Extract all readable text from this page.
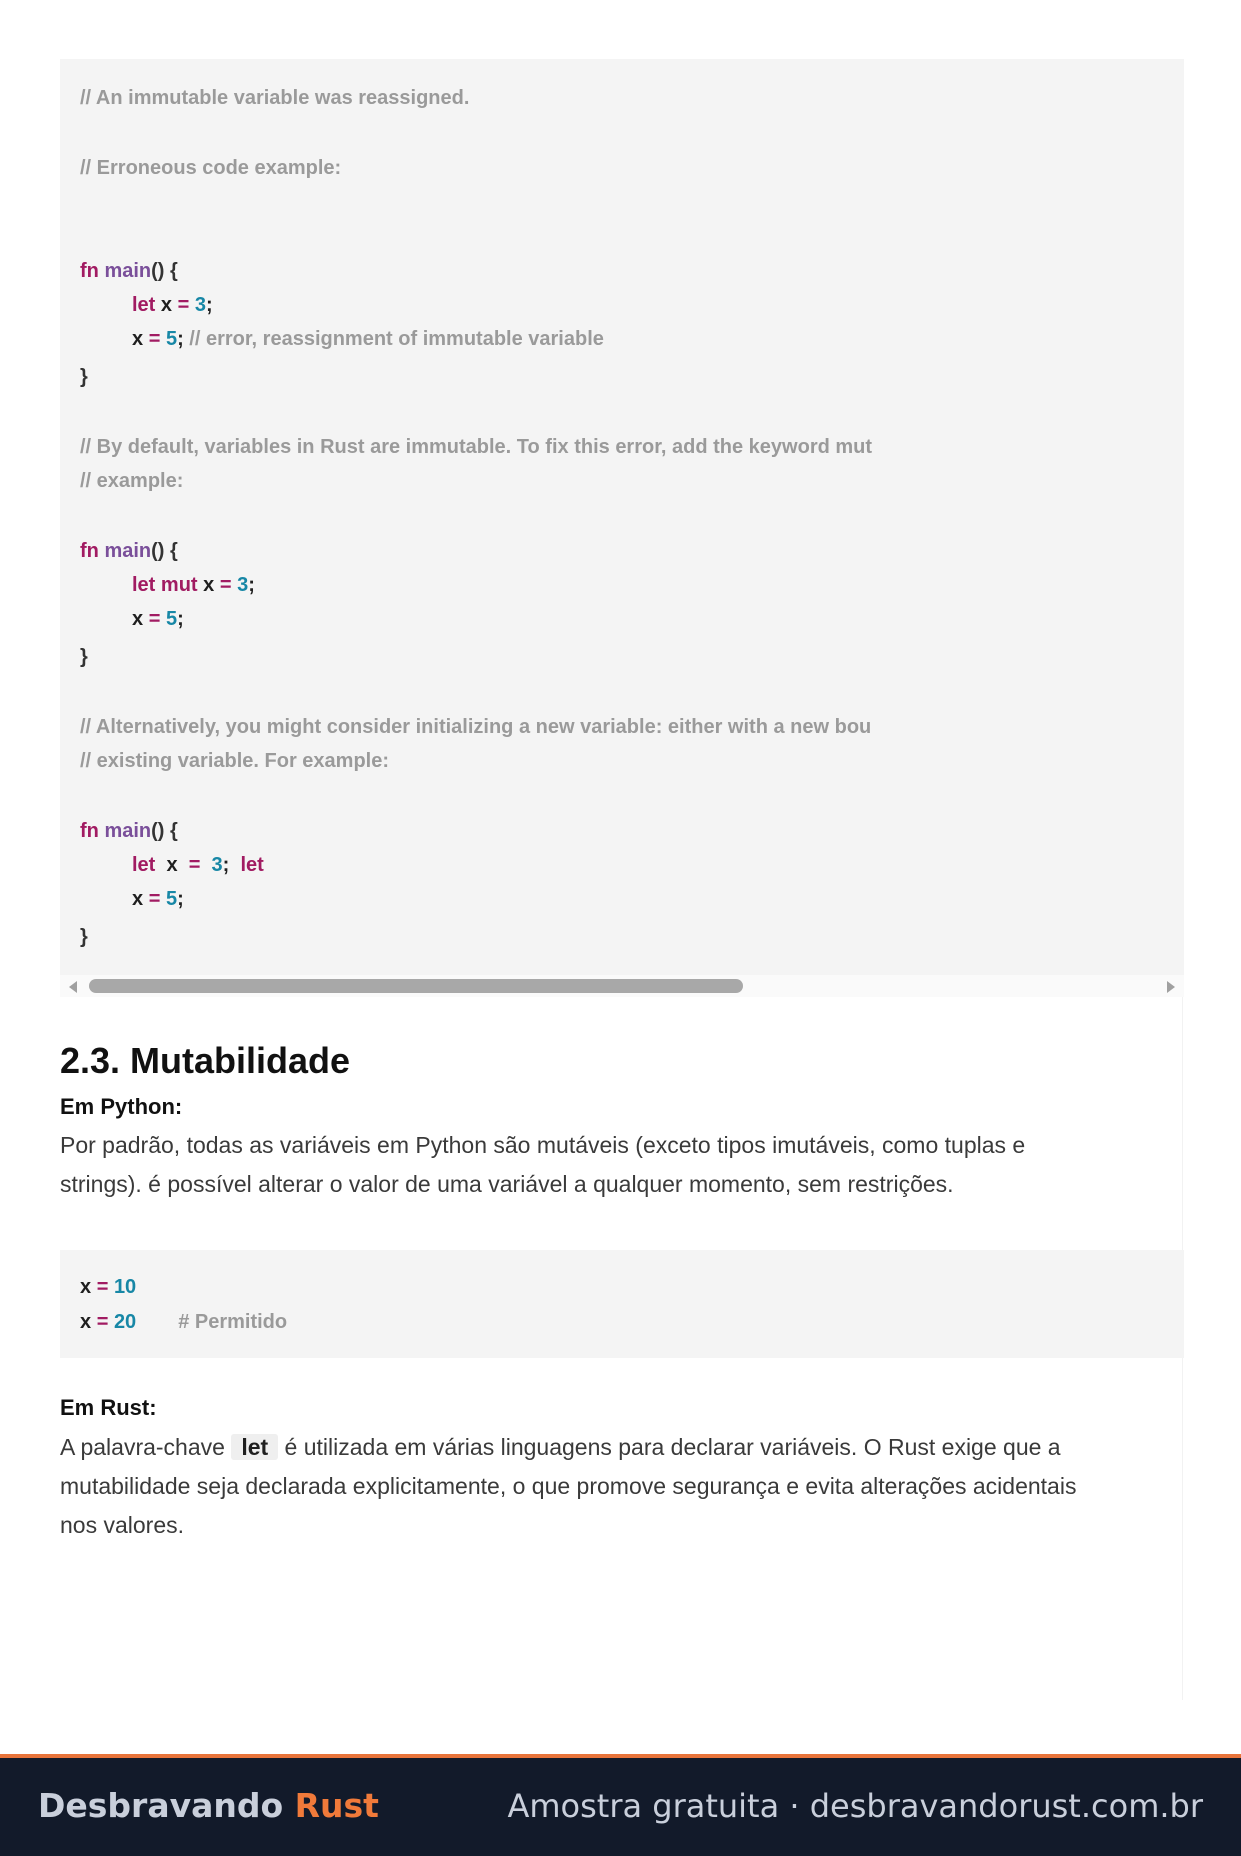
// An immutable variable was reassigned.
// Erroneous code example:
fn main() {
let x = 3;
x = 5; // error, reassignment of immutable variable
}
// By default, variables in Rust are immutable. To fix this error, add the keyword mut
// example:
fn main() {
let mut x = 3;
x = 5;
}
// Alternatively, you might consider initializing a new variable: either with a new bou
// existing variable. For example:
fn main() {
let x = 3; let
x = 5;
}
2.3. Mutabilidade
Em Python:

Por padrão, todas as variáveis em Python são mutáveis (exceto tipos imutáveis, como tuplas e
strings). é possível alterar o valor de uma variável a qualquer momento, sem restrições.

x = 10
x = 20 # Permitido
Em Rust:

A palavra-chave let é utilizada em várias linguagens para declarar variáveis. O Rust exige que a
mutabilidade seja declarada explicitamente, o que promove segurança e evita alterações acidentais
nos valores.

Desbravando Rust	Amostra gratuita · desbravandorust.com.br
